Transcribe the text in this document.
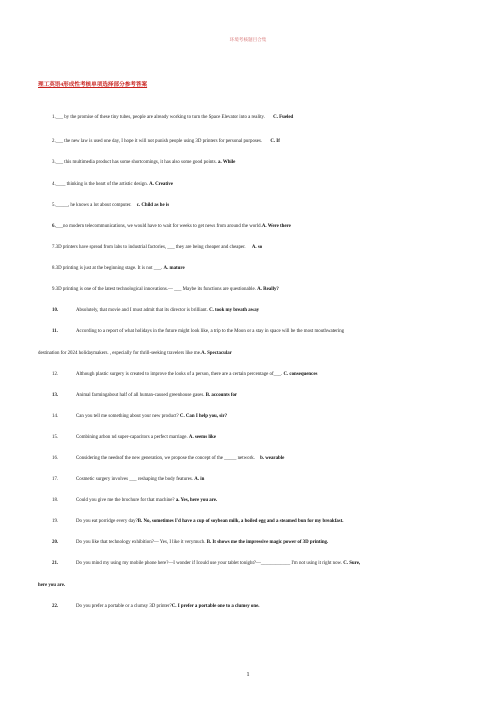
环境考核题目合集
理工英语4形成性考核单项选择部分参考答案
1.___ by the promise of these tiny tubes, people are already working to turn the Space Elevator into a reality. C. Fueled
2.___ the new law is used one day, I hope it will not punish people using 3D printers for personal purposes. C. If
3.___ this multimedia product has some shortcomings, it has also some good points. a. While
4.____ thinking is the heart of the artistic design. A. Creative
5._____, he knows a lot about computer. c. Child as he is
6.___no modern telecommunications, we would have to wait for weeks to get news from around the world.A. Were there
7.3D printers have spread from labs to industrial factories, ___ they are being cheaper and cheaper. A. so
8.3D printing is just at the beginning stage. It is not ___. A. mature
9.3D printing is one of the latest technological innovations.— ___ Maybe its functions are questionable. A. Really?
10.	Absolutely, that movie and I must admit that its director is brilliant. C. took my breath away
11.	According to a report of what holidays in the future might look like, a trip to the Moon or a stay in space will be the most mouthwatering
destination for 2024 holidaymakers. , especially for thrill-seeking travelers like me.A. Spectacular
12.	Although plastic surgery is created to improve the looks of a person, there are a certain percentage of___. C. consequences
13.	Animal farmingabout half of all human-caused greenhouse gases. B. accounts for
14.	Can you tell me something about your new product? C. Can I help you, sir?
15.	Combining arbon nd super-capacitors a perfect marriage. A. seems like
16.	Considering the needsof the new generation, we propose the concept of the _____ network. b. wearable
17.	Cosmetic surgery involves ___ reshaping the body features. A. in
18.	Could you give me the brochure for that machine? a. Yes, here you are.
19.	Do you eat porridge every day?B. No, sometimes I'd have a cup of soybean milk, a boiled egg and a steamed bun for my breakfast.
20.	Do you like that technology exhibition?— Yes, I like it verymuch. B. It shows me the impressive magic power of 3D printing.
21.	Do you mind my using my mobile phone here?—I wonder if Icould use your tablet tonight?—____________ I'm not using it right now. C. Sure,
here you are.
22.	Do you prefer a portable or a clumsy 3D printer?C. I prefer a portable one to a clumsy one.
1
